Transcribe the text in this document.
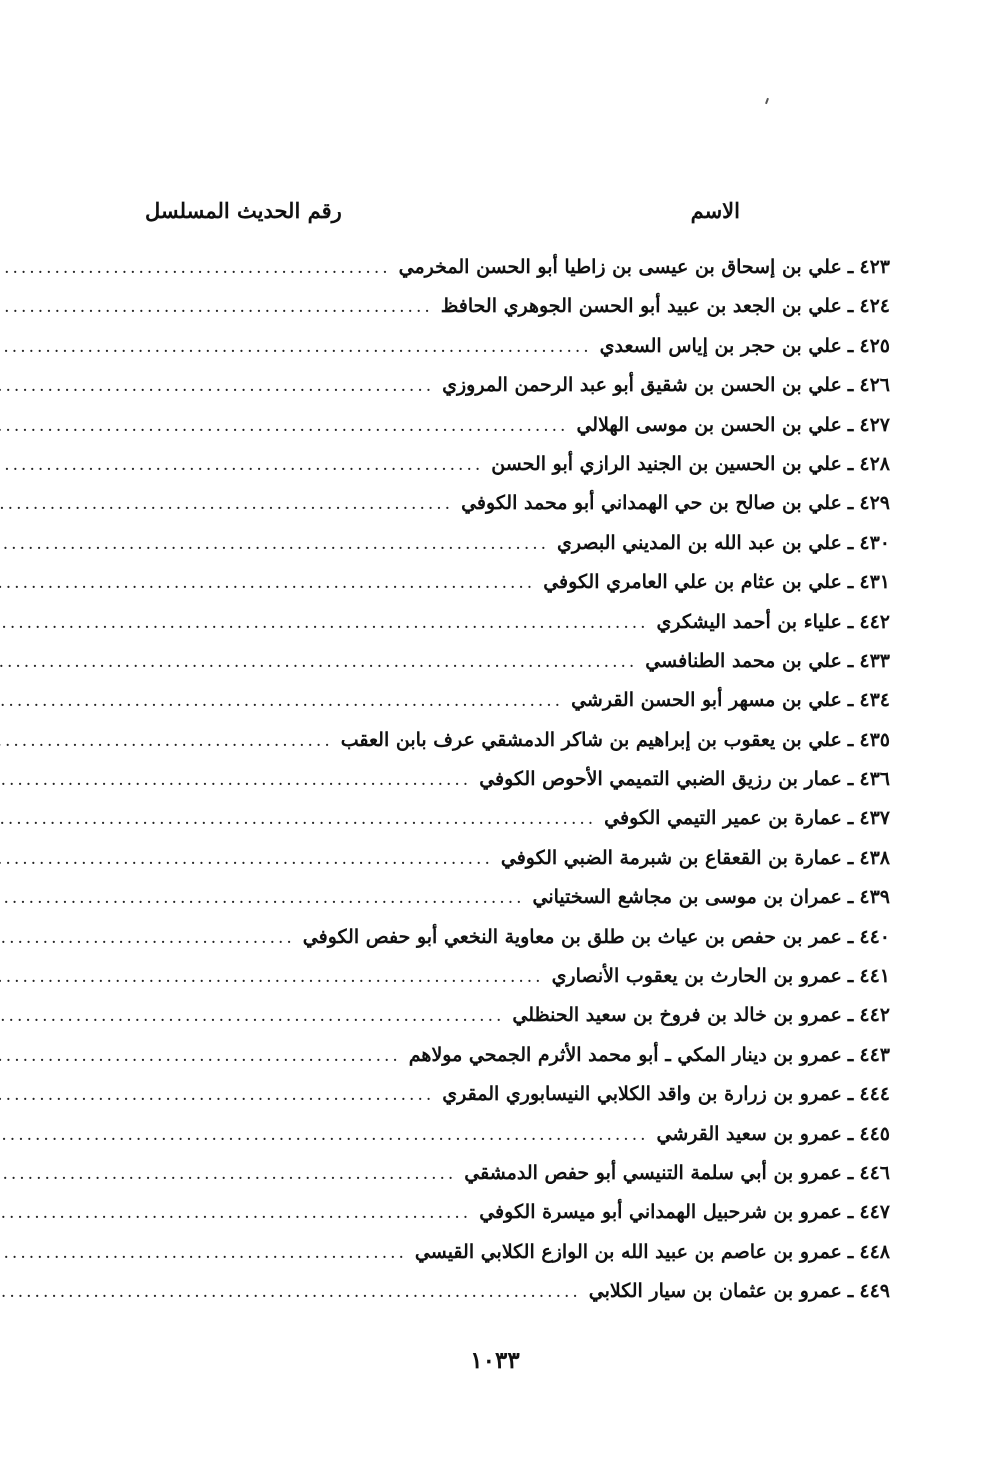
الاسم
رقم الحديث المسلسل
٤٢٣
ـ
علي بن إسحاق بن عيسى بن زاطيا أبو الحسن المخرمي
.....
٤٢٤
ـ
علي بن الجعد بن عبيد أبو الحسن الجوهري الحافظ
.....
٤٢٥
ـ
علي بن حجر بن إياس السعدي
.....
٤٢٦
ـ
علي بن الحسن بن شقيق أبو عبد الرحمن المروزي
.....
٤٢٧
ـ
علي بن الحسن بن موسى الهلالي
.....
٤٢٨
ـ
علي بن الحسين بن الجنيد الرازي أبو الحسن
.....
٤٢٩
ـ
علي بن صالح بن حي الهمداني أبو محمد الكوفي
.....
٤٣٠
ـ
علي بن عبد الله بن المديني البصري
.....
٤٣١
ـ
علي بن عثام بن علي العامري الكوفي
.....
٤٤٢
ـ
علياء بن أحمد اليشكري
.....
٤٣٣
ـ
علي بن محمد الطنافسي
.....
٤٣٤
ـ
علي بن مسهر أبو الحسن القرشي
.....
٤٣٥
ـ
علي بن يعقوب بن إبراهيم بن شاكر الدمشقي عرف بابن العقب
.....
٤٣٦
ـ
عمار بن رزيق الضبي التميمي الأحوص الكوفي
.....
٤٣٧
ـ
عمارة بن عمير التيمي الكوفي
.....
٤٣٨
ـ
عمارة بن القعقاع بن شبرمة الضبي الكوفي
.....
٤٣٩
ـ
عمران بن موسى بن مجاشع السختياني
.....
٤٤٠
ـ
عمر بن حفص بن عياث بن طلق بن معاوية النخعي أبو حفص الكوفي
.....
٤٤١
ـ
عمرو بن الحارث بن يعقوب الأنصاري
.....
٤٤٢
ـ
عمرو بن خالد بن فروخ بن سعيد الحنظلي
.....
٤٤٣
ـ
عمرو بن دينار المكي ـ أبو محمد الأثرم الجمحي مولاهم
.....
٤٤٤
ـ
عمرو بن زرارة بن واقد الكلابي النيسابوري المقري
.....
٤٤٥
ـ
عمرو بن سعيد القرشي
.....
٤٤٦
ـ
عمرو بن أبي سلمة التنيسي أبو حفص الدمشقي
.....
٤٤٧
ـ
عمرو بن شرحبيل الهمداني أبو ميسرة الكوفي
.....
٤٤٨
ـ
عمرو بن عاصم بن عبيد الله بن الوازع الكلابي القيسي
.....
٤٤٩
ـ
عمرو بن عثمان بن سيار الكلابي
.....
١٠٣٣
